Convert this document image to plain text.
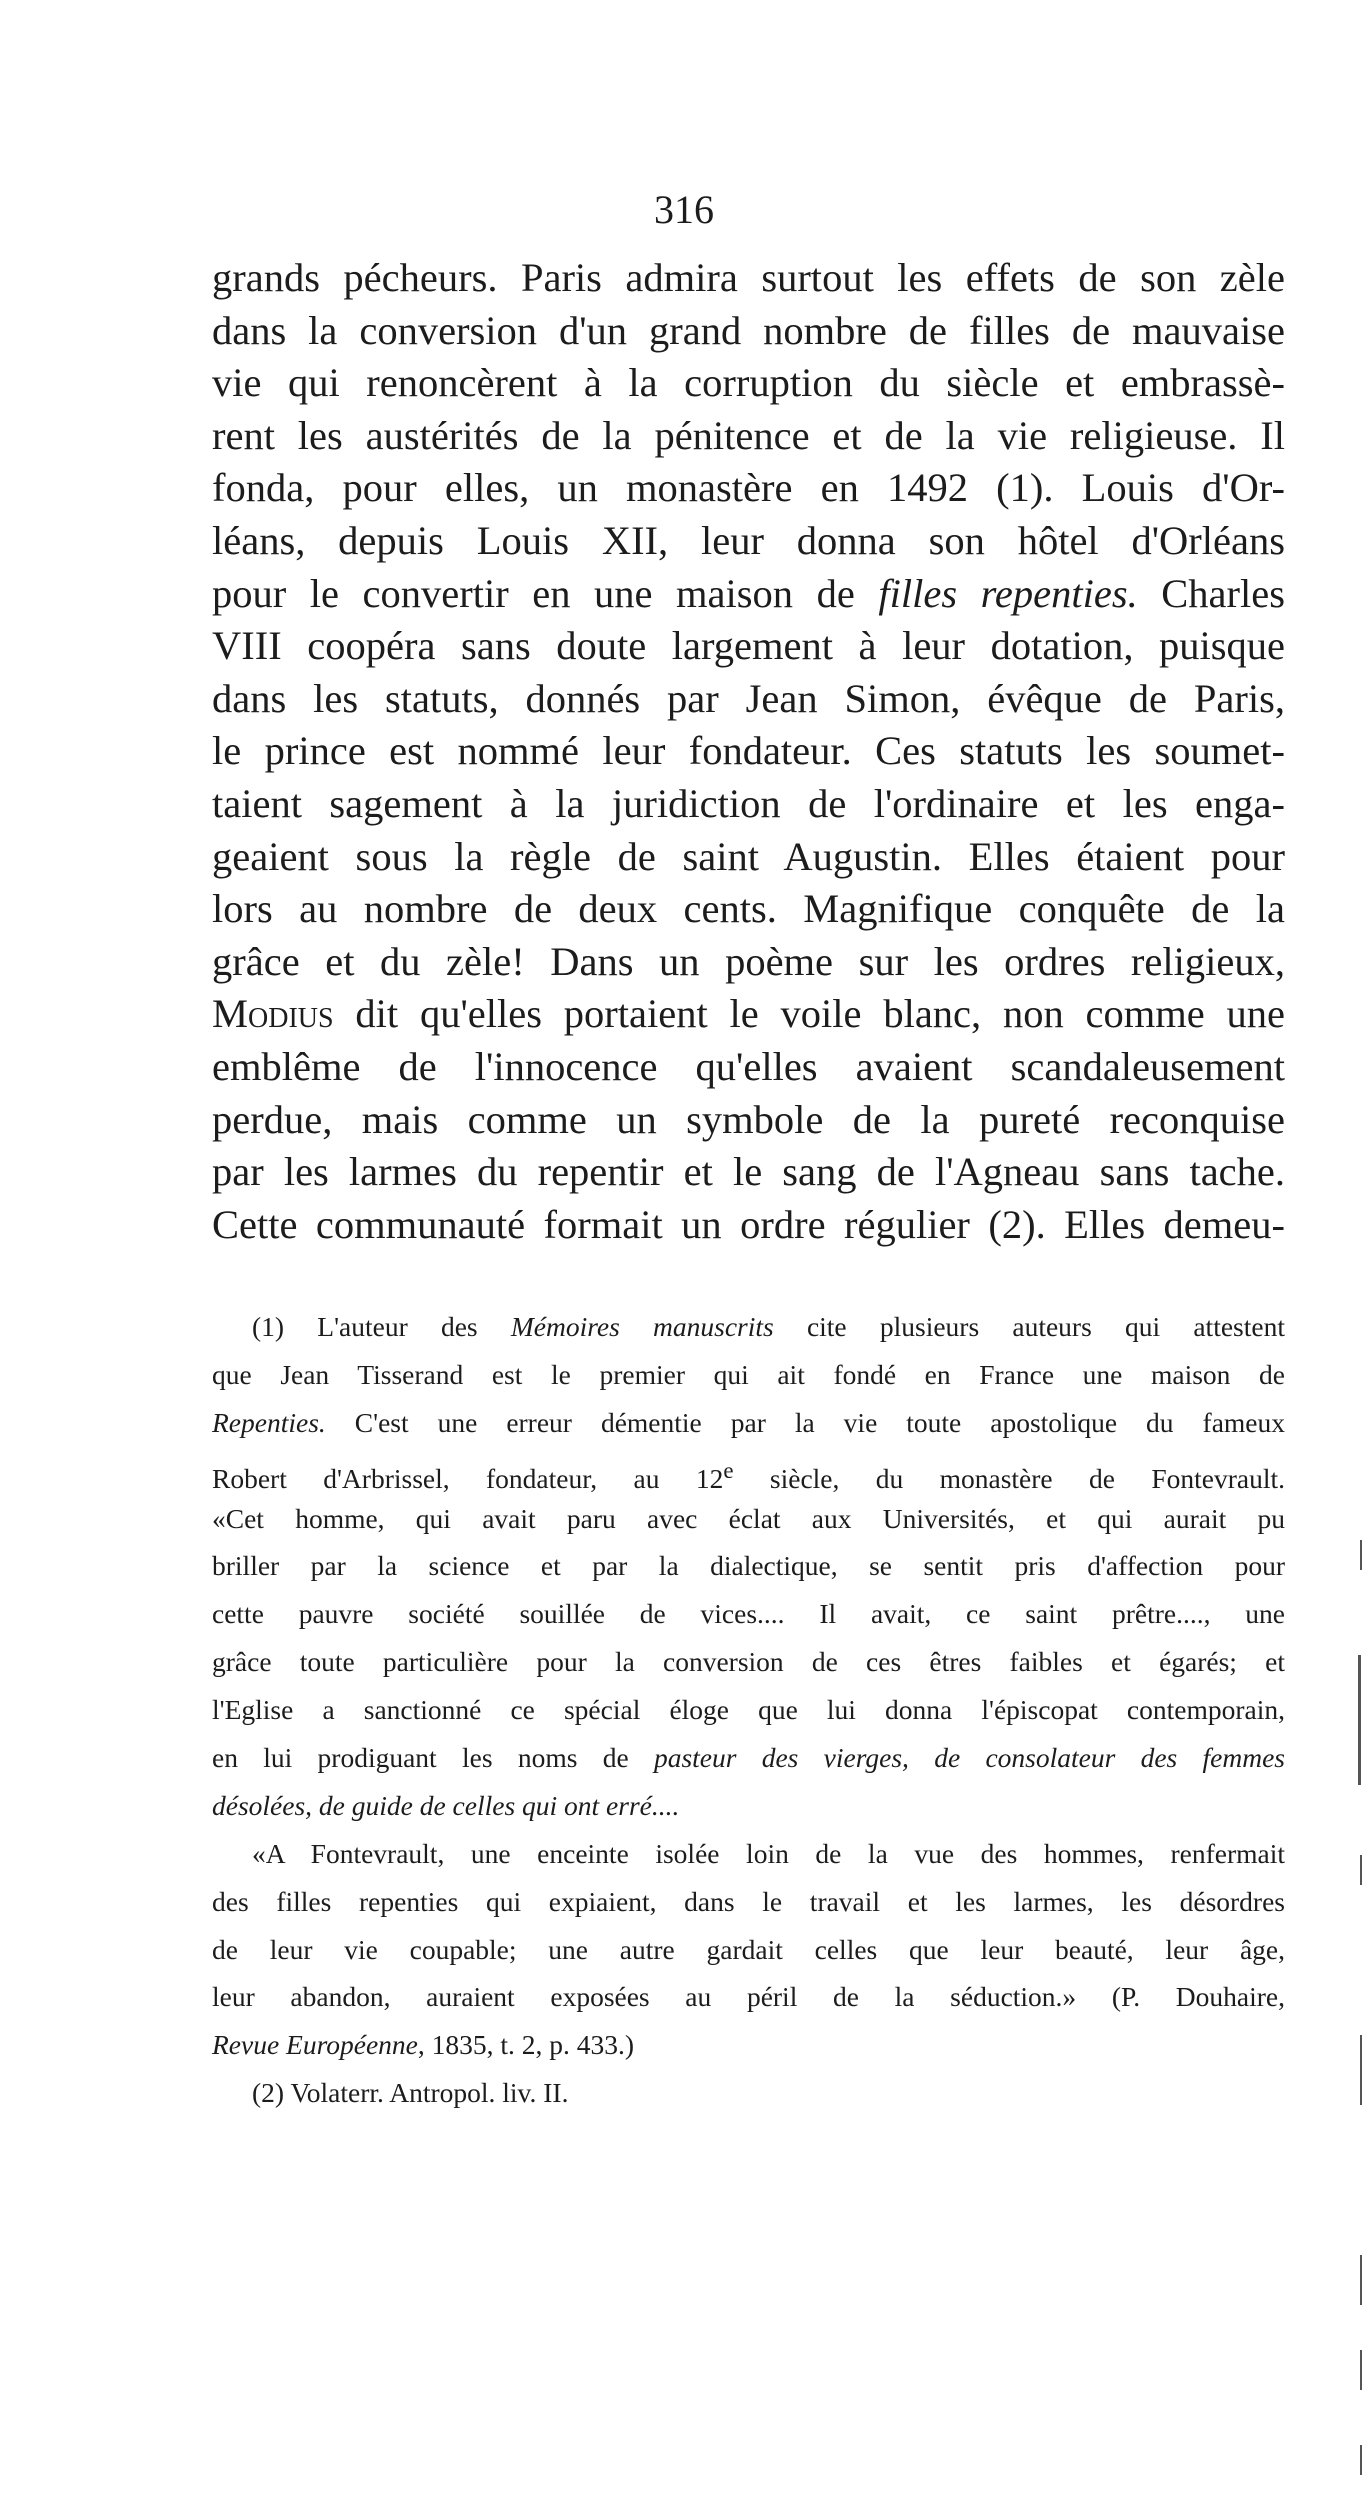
316
grands pécheurs. Paris admira surtout les effets de son zèle
dans la conversion d'un grand nombre de filles de mauvaise
vie qui renoncèrent à la corruption du siècle et embrassè-
rent les austérités de la pénitence et de la vie religieuse. Il
fonda, pour elles, un monastère en 1492 (1). Louis d'Or-
léans, depuis Louis XII, leur donna son hôtel d'Orléans
pour le convertir en une maison de filles repenties. Charles
VIII coopéra sans doute largement à leur dotation, puisque
dans les statuts, donnés par Jean Simon, évêque de Paris,
le prince est nommé leur fondateur. Ces statuts les soumet-
taient sagement à la juridiction de l'ordinaire et les enga-
geaient sous la règle de saint Augustin. Elles étaient pour
lors au nombre de deux cents. Magnifique conquête de la
grâce et du zèle! Dans un poème sur les ordres religieux,
Modius dit qu'elles portaient le voile blanc, non comme une
emblême de l'innocence qu'elles avaient scandaleusement
perdue, mais comme un symbole de la pureté reconquise
par les larmes du repentir et le sang de l'Agneau sans tache.
Cette communauté formait un ordre régulier (2). Elles demeu-
(1) L'auteur des Mémoires manuscrits cite plusieurs auteurs qui attestent
que Jean Tisserand est le premier qui ait fondé en France une maison de
Repenties. C'est une erreur démentie par la vie toute apostolique du fameux
Robert d'Arbrissel, fondateur, au 12e siècle, du monastère de Fontevrault.
«Cet homme, qui avait paru avec éclat aux Universités, et qui aurait pu
briller par la science et par la dialectique, se sentit pris d'affection pour
cette pauvre société souillée de vices.... Il avait, ce saint prêtre...., une
grâce toute particulière pour la conversion de ces êtres faibles et égarés; et
l'Eglise a sanctionné ce spécial éloge que lui donna l'épiscopat contemporain,
en lui prodiguant les noms de pasteur des vierges, de consolateur des femmes
désolées, de guide de celles qui ont erré....
«A Fontevrault, une enceinte isolée loin de la vue des hommes, renfermait
des filles repenties qui expiaient, dans le travail et les larmes, les désordres
de leur vie coupable; une autre gardait celles que leur beauté, leur âge,
leur abandon, auraient exposées au péril de la séduction.» (P. Douhaire,
Revue Européenne, 1835, t. 2, p. 433.)
(2) Volaterr. Antropol. liv. II.
